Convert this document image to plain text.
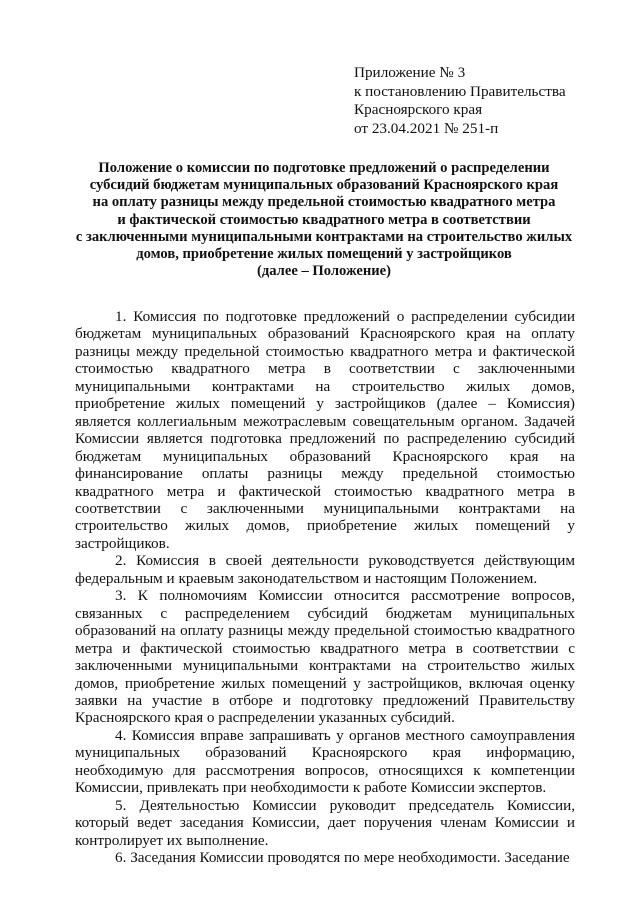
Приложение № 3
к постановлению Правительства
Красноярского края
от 23.04.2021 № 251-п
Положение о комиссии по подготовке предложений о распределении
субсидий бюджетам муниципальных образований Красноярского края
на оплату разницы между предельной стоимостью квадратного метра
и фактической стоимостью квадратного метра в соответствии
с заключенными муниципальными контрактами на строительство жилых
домов, приобретение жилых помещений у застройщиков
(далее – Положение)

1. Комиссия по подготовке предложений о распределении субсидии бюджетам муниципальных образований Красноярского края на оплату разницы между предельной стоимостью квадратного метра и фактической стоимостью квадратного метра в соответствии с заключенными муниципальными контрактами на строительство жилых домов, приобретение жилых помещений у застройщиков (далее – Комиссия) является коллегиальным межотраслевым совещательным органом. Задачей Комиссии является подготовка предложений по распределению субсидий бюджетам муниципальных образований Красноярского края на финансирование оплаты разницы между предельной стоимостью квадратного метра и фактической стоимостью квадратного метра в соответствии с заключенными муниципальными контрактами на строительство жилых домов, приобретение жилых помещений у застройщиков.

2. Комиссия в своей деятельности руководствуется действующим федеральным и краевым законодательством и настоящим Положением.

3. К полномочиям Комиссии относится рассмотрение вопросов, связанных с распределением субсидий бюджетам муниципальных образований на оплату разницы между предельной стоимостью квадратного метра и фактической стоимостью квадратного метра в соответствии с заключенными муниципальными контрактами на строительство жилых домов, приобретение жилых помещений у застройщиков, включая оценку заявки на участие в отборе и подготовку предложений Правительству Красноярского края о распределении указанных субсидий.

4. Комиссия вправе запрашивать у органов местного самоуправления муниципальных образований Красноярского края информацию, необходимую для рассмотрения вопросов, относящихся к компетенции Комиссии, привлекать при необходимости к работе Комиссии экспертов.

5. Деятельностью Комиссии руководит председатель Комиссии, который ведет заседания Комиссии, дает поручения членам Комиссии и контролирует их выполнение.

6. Заседания Комиссии проводятся по мере необходимости. Заседание
